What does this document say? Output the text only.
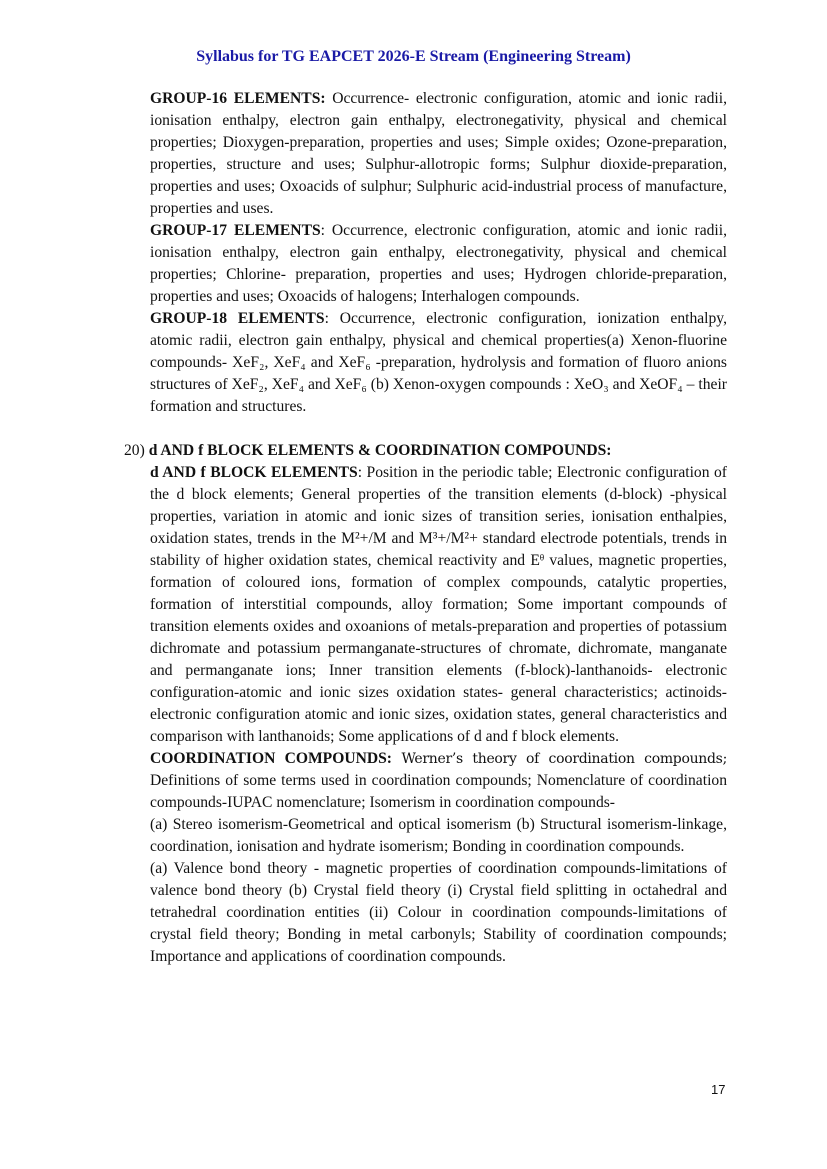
Syllabus for TG EAPCET 2026-E Stream (Engineering Stream)

GROUP-16 ELEMENTS: Occurrence- electronic configuration, atomic and ionic radii, ionisation enthalpy, electron gain enthalpy, electronegativity, physical and chemical properties; Dioxygen-preparation, properties and uses; Simple oxides; Ozone-preparation, properties, structure and uses; Sulphur-allotropic forms; Sulphur dioxide-preparation, properties and uses; Oxoacids of sulphur; Sulphuric acid-industrial process of manufacture, properties and uses.

GROUP-17 ELEMENTS: Occurrence, electronic configuration, atomic and ionic radii, ionisation enthalpy, electron gain enthalpy, electronegativity, physical and chemical properties; Chlorine- preparation, properties and uses; Hydrogen chloride-preparation, properties and uses; Oxoacids of halogens; Interhalogen compounds.

GROUP-18 ELEMENTS: Occurrence, electronic configuration, ionization enthalpy, atomic radii, electron gain enthalpy, physical and chemical properties(a) Xenon-fluorine compounds- XeF₂, XeF₄ and XeF₆ -preparation, hydrolysis and formation of fluoro anions structures of XeF₂, XeF₄ and XeF₆ (b) Xenon-oxygen compounds : XeO₃ and XeOF₄ – their formation and structures.

20) d AND f BLOCK ELEMENTS & COORDINATION COMPOUNDS:

d AND f BLOCK ELEMENTS: Position in the periodic table; Electronic configuration of the d block elements; General properties of the transition elements (d-block) -physical properties, variation in atomic and ionic sizes of transition series, ionisation enthalpies, oxidation states, trends in the M²+/M and M³+/M²+ standard electrode potentials, trends in stability of higher oxidation states, chemical reactivity and Eᶿ values, magnetic properties, formation of coloured ions, formation of complex compounds, catalytic properties, formation of interstitial compounds, alloy formation; Some important compounds of transition elements oxides and oxoanions of metals-preparation and properties of potassium dichromate and potassium permanganate-structures of chromate, dichromate, manganate and permanganate ions; Inner transition elements (f-block)-lanthanoids- electronic configuration-atomic and ionic sizes oxidation states- general characteristics; actinoids-electronic configuration atomic and ionic sizes, oxidation states, general characteristics and comparison with lanthanoids; Some applications of d and f block elements.

COORDINATION COMPOUNDS: Werner’s theory of coordination compounds; Definitions of some terms used in coordination compounds; Nomenclature of coordination compounds-IUPAC nomenclature; Isomerism in coordination compounds-

(a) Stereo isomerism-Geometrical and optical isomerism (b) Structural isomerism-linkage, coordination, ionisation and hydrate isomerism; Bonding in coordination compounds.

(a) Valence bond theory - magnetic properties of coordination compounds-limitations of valence bond theory (b) Crystal field theory (i) Crystal field splitting in octahedral and tetrahedral coordination entities (ii) Colour in coordination compounds-limitations of crystal field theory; Bonding in metal carbonyls; Stability of coordination compounds; Importance and applications of coordination compounds.

17
